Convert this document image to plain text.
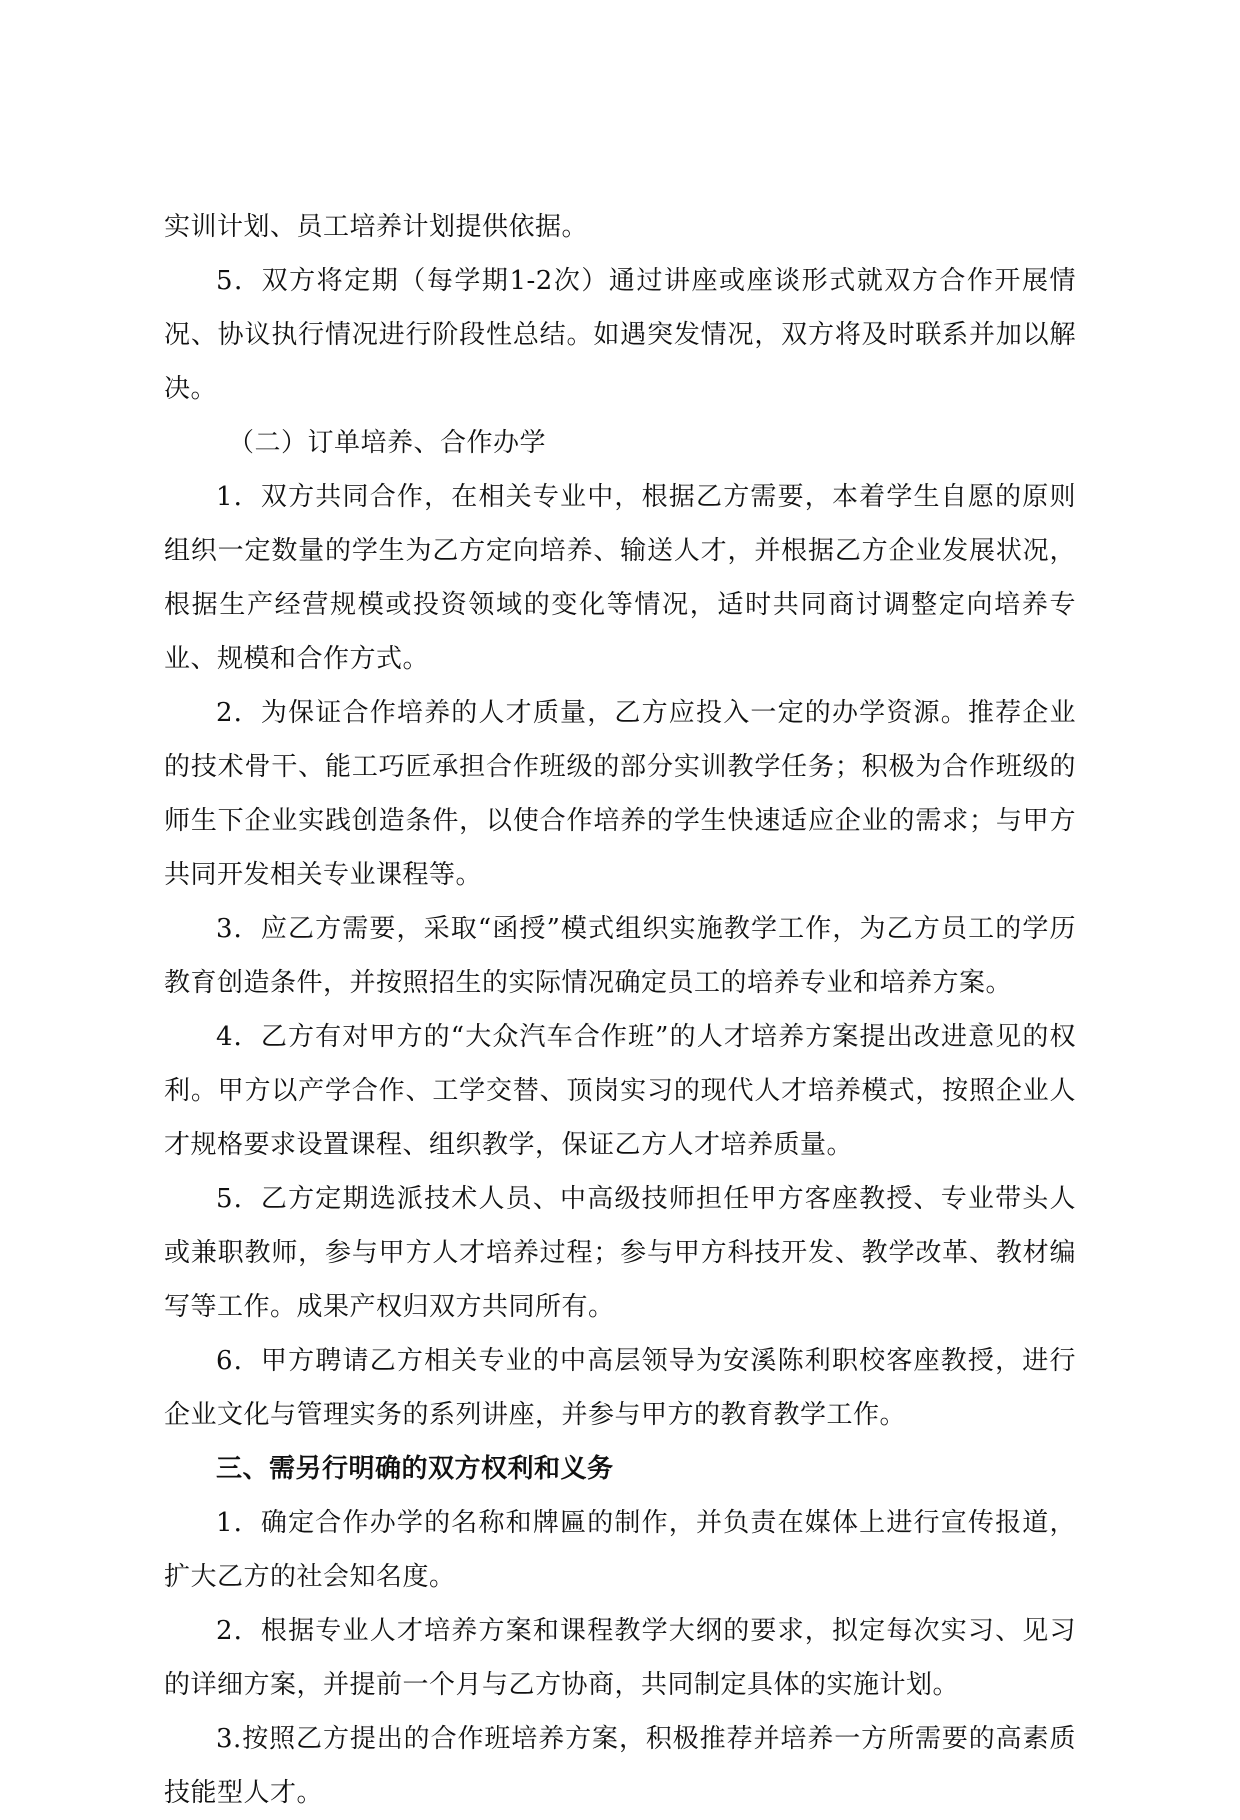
实训计划、员工培养计划提供依据。

5．双方将定期（每学期1-2次）通过讲座或座谈形式就双方合作开展情况、协议执行情况进行阶段性总结。如遇突发情况，双方将及时联系并加以解决。

（二）订单培养、合作办学

1．双方共同合作，在相关专业中，根据乙方需要，本着学生自愿的原则组织一定数量的学生为乙方定向培养、输送人才，并根据乙方企业发展状况，根据生产经营规模或投资领域的变化等情况，适时共同商讨调整定向培养专业、规模和合作方式。

2．为保证合作培养的人才质量，乙方应投入一定的办学资源。推荐企业的技术骨干、能工巧匠承担合作班级的部分实训教学任务；积极为合作班级的师生下企业实践创造条件，以使合作培养的学生快速适应企业的需求；与甲方共同开发相关专业课程等。

3．应乙方需要，采取“函授”模式组织实施教学工作，为乙方员工的学历教育创造条件，并按照招生的实际情况确定员工的培养专业和培养方案。

4．乙方有对甲方的“大众汽车合作班”的人才培养方案提出改进意见的权利。甲方以产学合作、工学交替、顶岗实习的现代人才培养模式，按照企业人才规格要求设置课程、组织教学，保证乙方人才培养质量。

5．乙方定期选派技术人员、中高级技师担任甲方客座教授、专业带头人或兼职教师，参与甲方人才培养过程；参与甲方科技开发、教学改革、教材编写等工作。成果产权归双方共同所有。

6．甲方聘请乙方相关专业的中高层领导为安溪陈利职校客座教授，进行企业文化与管理实务的系列讲座，并参与甲方的教育教学工作。

三、需另行明确的双方权利和义务

1．确定合作办学的名称和牌匾的制作，并负责在媒体上进行宣传报道，扩大乙方的社会知名度。

2．根据专业人才培养方案和课程教学大纲的要求，拟定每次实习、见习的详细方案，并提前一个月与乙方协商，共同制定具体的实施计划。

3.按照乙方提出的合作班培养方案，积极推荐并培养一方所需要的高素质技能型人才。
